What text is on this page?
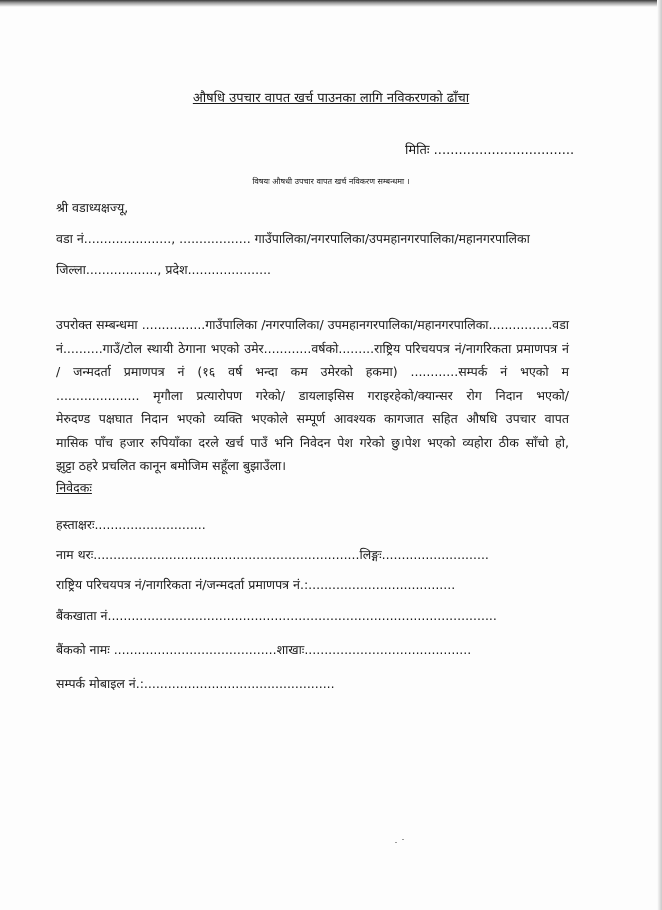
औषधि उपचार वापत खर्च पाउनका लागि नविकरणको ढाँचा
मितिः ..................................
विषयः औषधी उपचार वापत खर्च नविकरण सम्बन्धमा ।
श्री वडाध्यक्षज्यू,
वडा नं......................, .................. गाउँपालिका/नगरपालिका/उपमहानगरपालिका/महानगरपालिका
जिल्ला.................., प्रदेश.....................
उपरोक्त सम्बन्धमा ................गाउँपालिका /नगरपालिका/ उपमहानगरपालिका/महानगरपालिका................वडा
नं..........गाउँ/टोल स्थायी ठेगाना भएको उमेर............वर्षको.........राष्ट्रिय परिचयपत्र नं/नागरिकता प्रमाणपत्र नं
/ जन्मदर्ता प्रमाणपत्र नं (१६ वर्ष भन्दा कम उमेरको हकमा) ............सम्पर्क नं भएको म
..................... मृगौला प्रत्यारोपण गरेको/ डायलाइसिस गराइरहेको/क्यान्सर रोग निदान भएको/
मेरुदण्ड पक्षघात निदान भएको व्यक्ति भएकोले सम्पूर्ण आवश्यक कागजात सहित औषधि उपचार वापत
मासिक पाँच हजार रुपियाँका दरले खर्च पाउँ भनि निवेदन पेश गरेको छु।पेश भएको व्यहोरा ठीक साँचो हो,
झुट्टा ठहरे प्रचलित कानून बमोजिम सहूँला बुझाउँला।
निवेदकः
हस्ताक्षरः............................
नाम थरः...................................................................लिङ्गः...........................
राष्ट्रिय परिचयपत्र नं/नागरिकता नं/जन्मदर्ता प्रमाणपत्र नं.:.....................................
बैंकखाता नं..................................................................................................
बैंकको नामः .........................................शाखाः..........................................
सम्पर्क मोबाइल नं.:................................................
